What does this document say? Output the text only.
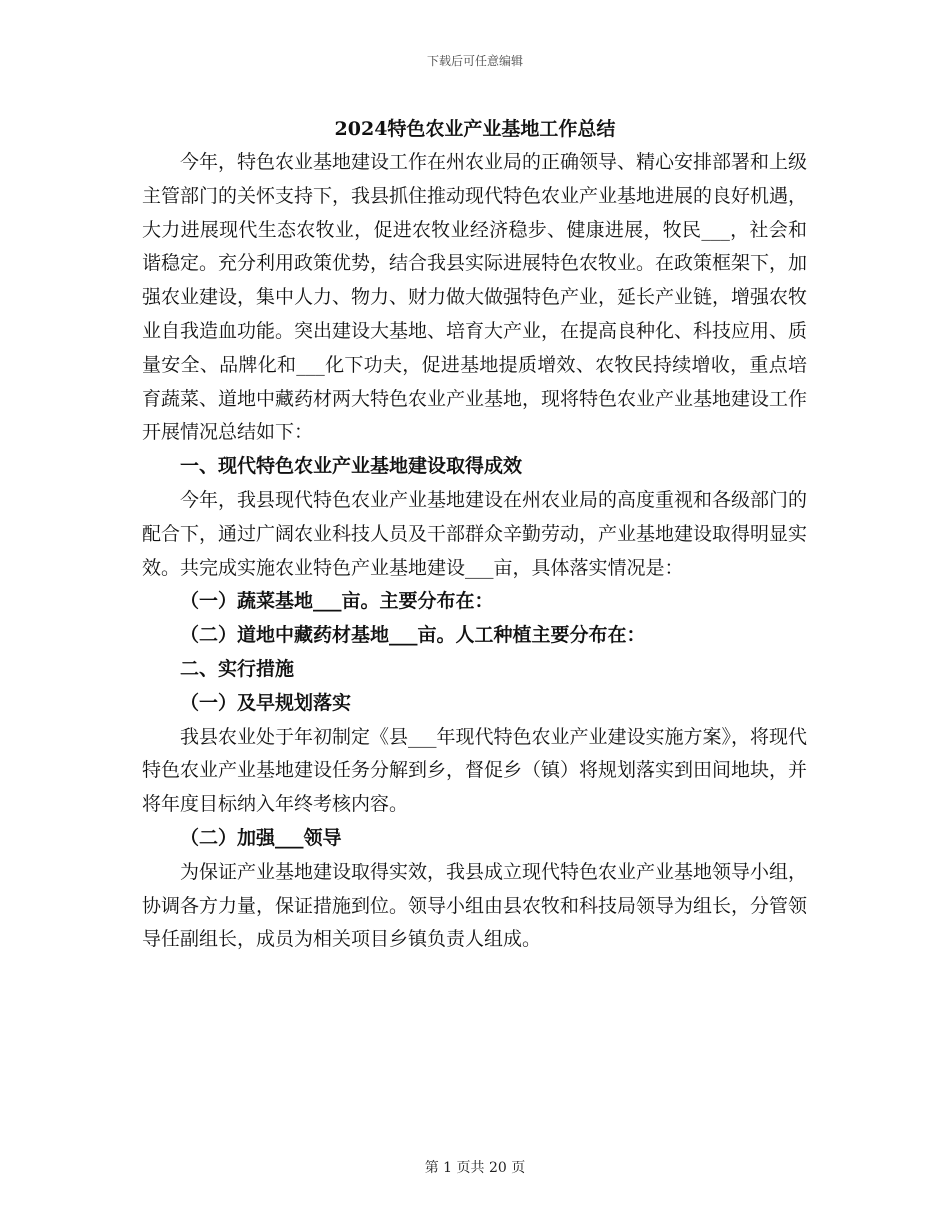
下载后可任意编辑
2024特色农业产业基地工作总结

今年，特色农业基地建设工作在州农业局的正确领导、精心安排部署和上级主管部门的关怀支持下，我县抓住推动现代特色农业产业基地进展的良好机遇，大力进展现代生态农牧业，促进农牧业经济稳步、健康进展，牧民___，社会和谐稳定。充分利用政策优势，结合我县实际进展特色农牧业。在政策框架下，加强农业建设，集中人力、物力、财力做大做强特色产业，延长产业链，增强农牧业自我造血功能。突出建设大基地、培育大产业，在提高良种化、科技应用、质量安全、品牌化和___化下功夫，促进基地提质增效、农牧民持续增收，重点培育蔬菜、道地中藏药材两大特色农业产业基地，现将特色农业产业基地建设工作开展情况总结如下：

一、现代特色农业产业基地建设取得成效

今年，我县现代特色农业产业基地建设在州农业局的高度重视和各级部门的配合下，通过广阔农业科技人员及干部群众辛勤劳动，产业基地建设取得明显实效。共完成实施农业特色产业基地建设___亩，具体落实情况是：

（一）蔬菜基地___亩。主要分布在：

（二）道地中藏药材基地___亩。人工种植主要分布在：

二、实行措施

（一）及早规划落实

我县农业处于年初制定《县___年现代特色农业产业建设实施方案》，将现代特色农业产业基地建设任务分解到乡，督促乡（镇）将规划落实到田间地块，并将年度目标纳入年终考核内容。

（二）加强___领导

为保证产业基地建设取得实效，我县成立现代特色农业产业基地领导小组，协调各方力量，保证措施到位。领导小组由县农牧和科技局领导为组长，分管领导任副组长，成员为相关项目乡镇负责人组成。

第 1 页共 20 页
